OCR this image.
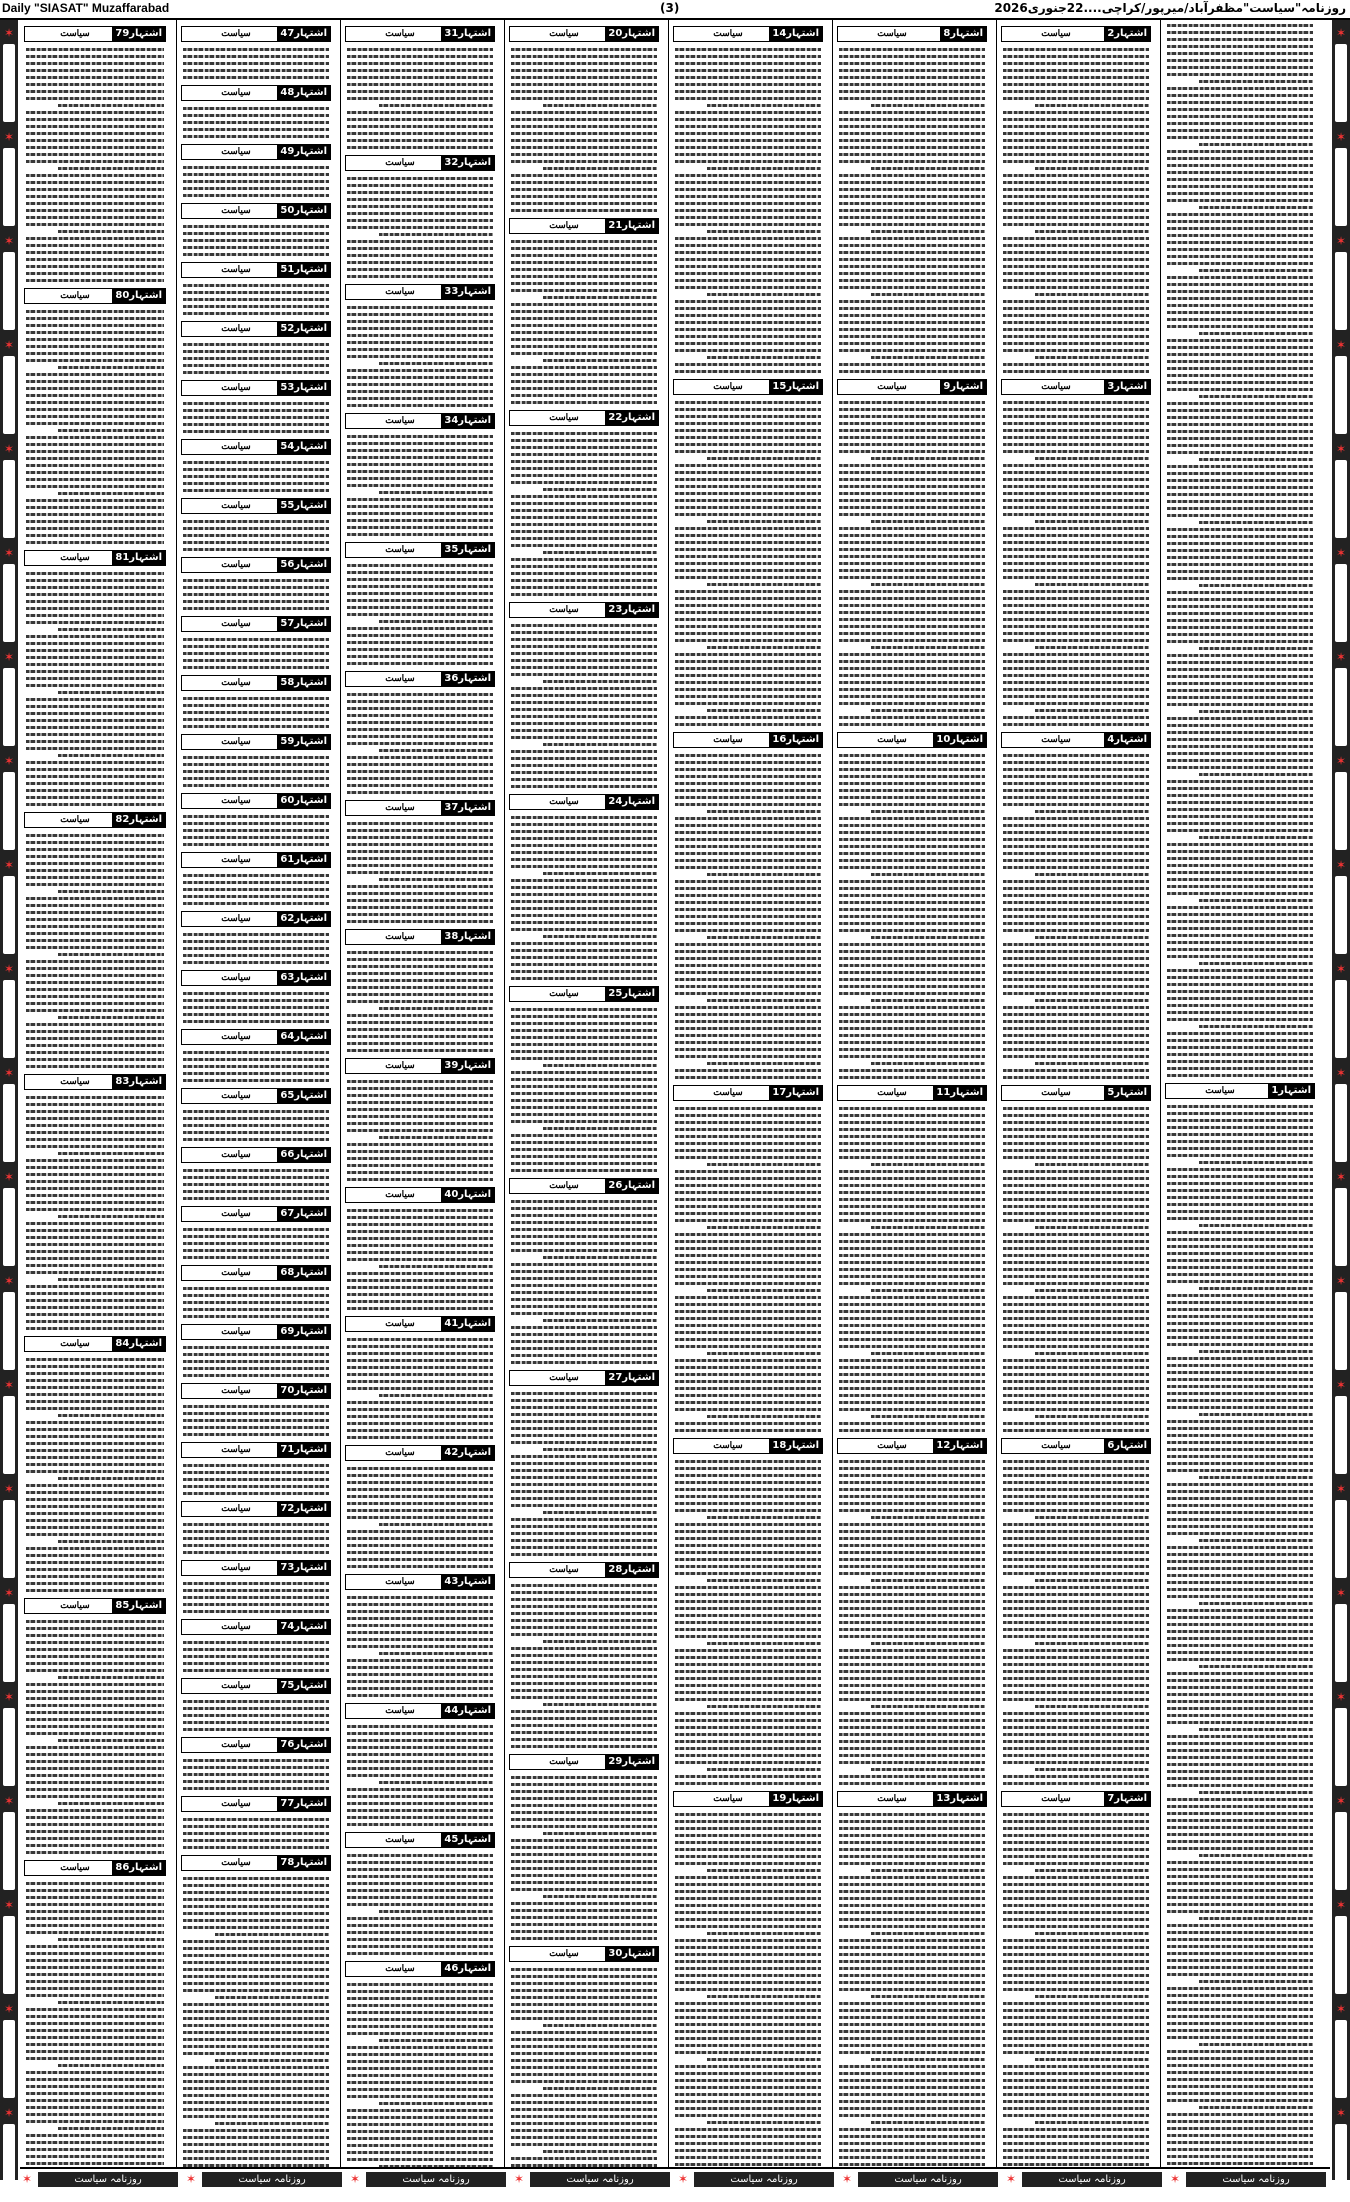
Daily "SIASAT" Muzaffarabad	(3)	روزنامہ"سیاست"مظفرآباد/میرپور/کراچی....22جنوری2026
✶
✶
✶
✶
✶
✶
✶
✶
✶
✶
✶
✶
✶
✶
✶
✶
✶
✶
✶
✶
✶
✶
✶
✶
✶
✶
✶
✶
✶
✶
✶
✶
✶
✶
✶
✶
✶
✶
✶
✶
✶
✶
سیاست	اشتہار79
سیاست	اشتہار80
سیاست	اشتہار81
سیاست	اشتہار82
سیاست	اشتہار83
سیاست	اشتہار84
سیاست	اشتہار85
سیاست	اشتہار86
سیاست	اشتہار47
سیاست	اشتہار48
سیاست	اشتہار49
سیاست	اشتہار50
سیاست	اشتہار51
سیاست	اشتہار52
سیاست	اشتہار53
سیاست	اشتہار54
سیاست	اشتہار55
سیاست	اشتہار56
سیاست	اشتہار57
سیاست	اشتہار58
سیاست	اشتہار59
سیاست	اشتہار60
سیاست	اشتہار61
سیاست	اشتہار62
سیاست	اشتہار63
سیاست	اشتہار64
سیاست	اشتہار65
سیاست	اشتہار66
سیاست	اشتہار67
سیاست	اشتہار68
سیاست	اشتہار69
سیاست	اشتہار70
سیاست	اشتہار71
سیاست	اشتہار72
سیاست	اشتہار73
سیاست	اشتہار74
سیاست	اشتہار75
سیاست	اشتہار76
سیاست	اشتہار77
سیاست	اشتہار78
سیاست	اشتہار31
سیاست	اشتہار32
سیاست	اشتہار33
سیاست	اشتہار34
سیاست	اشتہار35
سیاست	اشتہار36
سیاست	اشتہار37
سیاست	اشتہار38
سیاست	اشتہار39
سیاست	اشتہار40
سیاست	اشتہار41
سیاست	اشتہار42
سیاست	اشتہار43
سیاست	اشتہار44
سیاست	اشتہار45
سیاست	اشتہار46
سیاست	اشتہار20
سیاست	اشتہار21
سیاست	اشتہار22
سیاست	اشتہار23
سیاست	اشتہار24
سیاست	اشتہار25
سیاست	اشتہار26
سیاست	اشتہار27
سیاست	اشتہار28
سیاست	اشتہار29
سیاست	اشتہار30
سیاست	اشتہار14
سیاست	اشتہار15
سیاست	اشتہار16
سیاست	اشتہار17
سیاست	اشتہار18
سیاست	اشتہار19
سیاست	اشتہار8
سیاست	اشتہار9
سیاست	اشتہار10
سیاست	اشتہار11
سیاست	اشتہار12
سیاست	اشتہار13
سیاست	اشتہار2
سیاست	اشتہار3
سیاست	اشتہار4
سیاست	اشتہار5
سیاست	اشتہار6
سیاست	اشتہار7
سیاست	اشتہار1
✶	روزنامہ سیاست	✶	روزنامہ سیاست	✶	روزنامہ سیاست	✶	روزنامہ سیاست	✶	روزنامہ سیاست	✶	روزنامہ سیاست	✶	روزنامہ سیاست	✶	روزنامہ سیاست
